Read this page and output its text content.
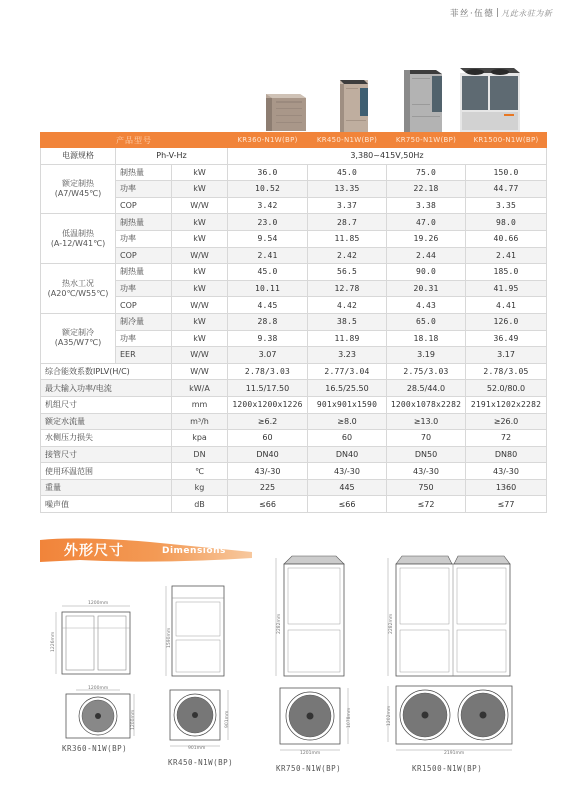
菲丝·伍德 凡此永驻为新
产品型号			KR360-N1W(BP)	KR450-N1W(BP)	KR750-N1W(BP)	KR1500-N1W(BP)
电源规格	Ph-V-Hz		3,380~415V,50Hz			
额定制热
(A7/W45℃)	制热量	kW	36.0	45.0	75.0	150.0
	功率	kW	10.52	13.35	22.18	44.77
	COP	W/W	3.42	3.37	3.38	3.35
低温制热
(A-12/W41℃)	制热量	kW	23.0	28.7	47.0	98.0
	功率	kW	9.54	11.85	19.26	40.66
	COP	W/W	2.41	2.42	2.44	2.41
热水工况
(A20℃/W55℃)	制热量	kW	45.0	56.5	90.0	185.0
	功率	kW	10.11	12.78	20.31	41.95
	COP	W/W	4.45	4.42	4.43	4.41
额定制冷
(A35/W7℃)	制冷量	kW	28.8	38.5	65.0	126.0
	功率	kW	9.38	11.89	18.18	36.49
	EER	W/W	3.07	3.23	3.19	3.17
综合能效系数IPLV(H/C)		W/W	2.78/3.03	2.77/3.04	2.75/3.03	2.78/3.05
最大输入功率/电流		kW/A	11.5/17.50	16.5/25.50	28.5/44.0	52.0/80.0
机组尺寸		mm	1200x1200x1226	901x901x1590	1200x1078x2282	2191x1202x2282
额定水流量		m³/h	≥6.2	≥8.0	≥13.0	≥26.0
水侧压力损失		kpa	60	60	70	72
接管尺寸		DN	DN40	DN40	DN50	DN80
使用环温范围		℃	43/-30	43/-30	43/-30	43/-30
重量		kg	225	445	750	1360
噪声值		dB	≤66	≤66	≤72	≤77
外形尺寸	Dimensions
1200mm
1226mm
1200mm
1200mm
KR360-N1W(BP)
1590mm
901mm
901mm
KR450-N1W(BP)
2282mm
1078mm
1201mm
KR750-N1W(BP)
2282mm
1202mm
2191mm
KR1500-N1W(BP)
